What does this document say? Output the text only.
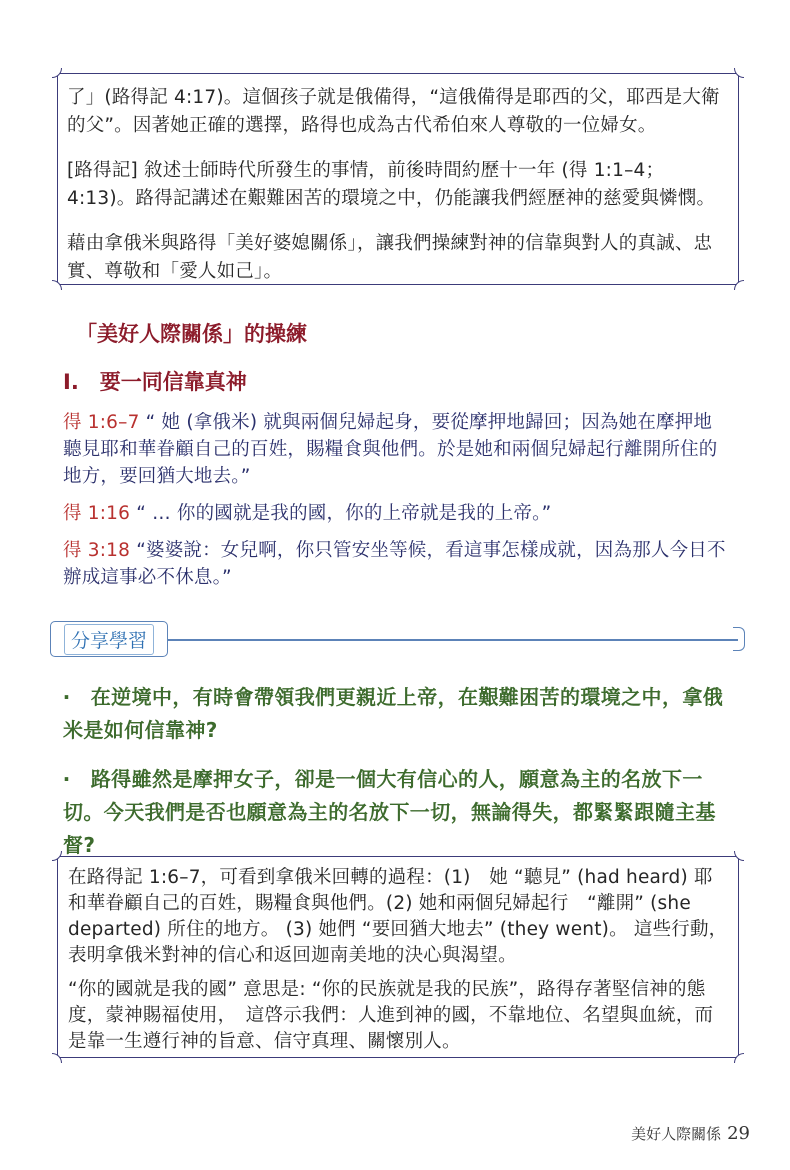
了」(路得記 4:17)。這個孩子就是俄備得，“這俄備得是耶西的父，耶西是大衛的父”。因著她正確的選擇，路得也成為古代希伯來人尊敬的一位婦女。

[路得記] 敘述士師時代所發生的事情，前後時間約歷十一年 (得 1:1–4；4:13)。路得記講述在艱難困苦的環境之中，仍能讓我們經歷神的慈愛與憐憫。

藉由拿俄米與路得「美好婆媳關係」，讓我們操練對神的信靠與對人的真誠、忠實、尊敬和「愛人如己」。

「美好人際關係」的操練
I.　要一同信靠真神

得 1:6–7 “ 她 (拿俄米) 就與兩個兒婦起身，要從摩押地歸回；因為她在摩押地聽見耶和華眷顧自己的百姓，賜糧食與他們。於是她和兩個兒婦起行離開所住的地方，要回猶大地去。”

得 1:16 “ … 你的國就是我的國，你的上帝就是我的上帝。”

得 3:18 “婆婆說：女兒啊，你只管安坐等候，看這事怎樣成就，因為那人今日不辦成這事必不休息。”

分享學習

‧　在逆境中，有時會帶領我們更親近上帝，在艱難困苦的環境之中，拿俄米是如何信靠神?

‧　路得雖然是摩押女子，卻是一個大有信心的人，願意為主的名放下一切。今天我們是否也願意為主的名放下一切，無論得失，都緊緊跟隨主基督?

在路得記 1:6–7，可看到拿俄米回轉的過程：(1)　她 “聽見” (had heard) 耶和華眷顧自己的百姓，賜糧食與他們。(2) 她和兩個兒婦起行　“離開” (she departed) 所住的地方。 (3) 她們 “要回猶大地去” (they went)。 這些行動，表明拿俄米對神的信心和返回迦南美地的決心與渴望。

“你的國就是我的國” 意思是: “你的民族就是我的民族”，路得存著堅信神的態度，蒙神賜福使用，　這啓示我們：人進到神的國，不靠地位、名望與血統，而是靠一生遵行神的旨意、信守真理、關懷別人。

美好人際關係 29
